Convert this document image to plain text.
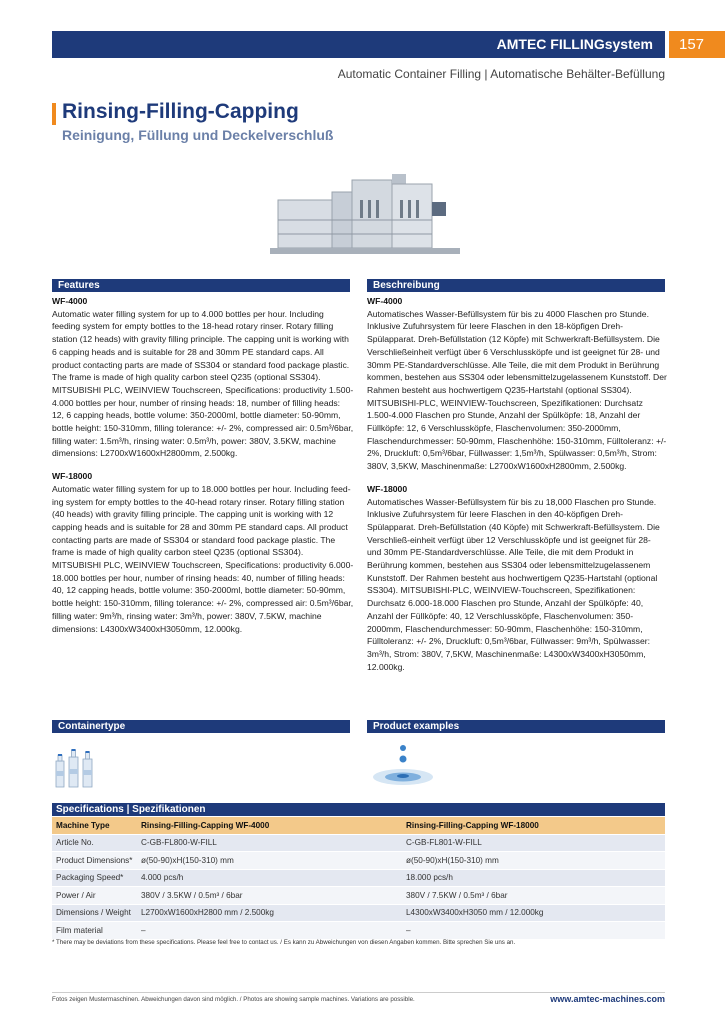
AMTEC FILLINGsystem	157
Automatic Container Filling | Automatische Behälter-Befüllung
Rinsing-Filling-Capping
Reinigung, Füllung und Deckelverschluß
Features	Beschreibung

WF-4000

Automatic water filling system for up to 4.000 bottles per hour. Including feeding system for empty bottles to the 18-head rotary rinser. Rotary filling station (12 heads) with gravity filling principle. The capping unit is working with 6 capping heads and is suitable for 28 and 30mm PE standard caps. All product contacting parts are made of SS304 or standard food package plastic. The frame is made of high quality carbon steel Q235 (optional SS304). MITSUBISHI PLC, WEINVIEW Touchscreen, Specifications: productivity 1.500-4.000 bottles per hour, number of rinsing heads: 18, number of filling heads: 12, 6 capping heads, bottle volume: 350-2000ml, bottle diameter: 50-90mm, bottle height: 150-310mm, filling tolerance: +/- 2%, compressed air: 0.5m³/6bar, filling water: 1.5m³/h, rinsing water: 0.5m³/h, power: 380V, 3.5KW, machine dimensions: L2700xW1600xH2800mm, 2.500kg.

WF-18000

Automatic water filling system for up to 18.000 bottles per hour. Including feed-ing system for empty bottles to the 40-head rotary rinser. Rotary filling station (40 heads) with gravity filling principle. The capping unit is working with 12 capping heads and is suitable for 28 and 30mm PE standard caps. All product contacting parts are made of SS304 or standard food package plastic. The frame is made of high quality carbon steel Q235 (optional SS304). MITSUBISHI PLC, WEINVIEW Touchscreen, Specifications: productivity 6.000-18.000 bottles per hour, number of rinsing heads: 40, number of filling heads: 40, 12 capping heads, bottle volume: 350-2000ml, bottle diameter: 50-90mm, bottle height: 150-310mm, filling tolerance: +/- 2%, compressed air: 0.5m³/6bar, filling water: 9m³/h, rinsing water: 3m³/h, power: 380V, 7.5KW, machine dimensions: L4300xW3400xH3050mm, 12.000kg.

WF-4000

Automatisches Wasser-Befüllsystem für bis zu 4000 Flaschen pro Stunde. Inklusive Zufuhrsystem für leere Flaschen in den 18-köpfigen Dreh-Spülapparat. Dreh-Befüllstation (12 Köpfe) mit Schwerkraft-Befüllsystem. Die Verschließeinheit verfügt über 6 Verschlussköpfe und ist geeignet für 28- und 30mm PE-Standardverschlüsse. Alle Teile, die mit dem Produkt in Berührung kommen, bestehen aus SS304 oder lebensmittelzugelassenem Kunststoff. Der Rahmen besteht aus hochwertigem Q235-Hartstahl (optional SS304). MITSUBISHI-PLC, WEINVIEW-Touchscreen, Spezifikationen: Durchsatz 1.500-4.000 Flaschen pro Stunde, Anzahl der Spülköpfe: 18, Anzahl der Füllköpfe: 12, 6 Verschlussköpfe, Flaschenvolumen: 350-2000mm, Flaschendurchmesser: 50-90mm, Flaschenhöhe: 150-310mm, Fülltoleranz: +/- 2%, Druckluft: 0,5m³/6bar, Füllwasser: 1,5m³/h, Spülwasser: 0,5m³/h, Strom: 380V, 3,5KW, Maschinenmaße: L2700xW1600xH2800mm, 2.500kg.

WF-18000

Automatisches Wasser-Befüllsystem für bis zu 18,000 Flaschen pro Stunde. Inklusive Zufuhrsystem für leere Flaschen in den 40-köpfigen Dreh-Spülapparat. Dreh-Befüllstation (40 Köpfe) mit Schwerkraft-Befüllsystem. Die Verschließ-einheit verfügt über 12 Verschlussköpfe und ist geeignet für 28- und 30mm PE-Standardverschlüsse. Alle Teile, die mit dem Produkt in Berührung kommen, bestehen aus SS304 oder lebensmittelzugelassenem Kunststoff. Der Rahmen besteht aus hochwertigem Q235-Hartstahl (optional SS304). MITSUBISHI-PLC, WEINVIEW-Touchscreen, Spezifikationen: Durchsatz 6.000-18.000 Flaschen pro Stunde, Anzahl der Spülköpfe: 40, Anzahl der Füllköpfe: 40, 12 Verschlussköpfe, Flaschenvolumen: 350-2000mm, Flaschendurchmesser: 50-90mm, Flaschenhöhe: 150-310mm, Fülltoleranz: +/- 2%, Druckluft: 0,5m³/6bar, Füllwasser: 9m³/h, Spülwasser: 3m³/h, Strom: 380V, 7,5KW, Maschinenmaße: L4300xW3400xH3050mm, 12.000kg.

Containertype	Product examples
Specifications | Spezifikationen		
Machine Type	Rinsing-Filling-Capping WF-4000	Rinsing-Filling-Capping WF-18000
Article No.	C-GB-FL800-W-FILL	C-GB-FL801-W-FILL
Product Dimensions*	ø(50-90)xH(150-310) mm	ø(50-90)xH(150-310) mm
Packaging Speed*	4.000 pcs/h	18.000 pcs/h
Power / Air	380V / 3.5KW / 0.5m³ / 6bar	380V / 7.5KW / 0.5m³ / 6bar
Dimensions / Weight	L2700xW1600xH2800 mm / 2.500kg	L4300xW3400xH3050 mm / 12.000kg
Film material	–	–
* There may be deviations from these specifications. Please feel free to contact us. / Es kann zu Abweichungen von diesen Angaben kommen. Bitte sprechen Sie uns an.
Fotos zeigen Mustermaschinen. Abweichungen davon sind möglich. / Photos are showing sample machines. Variations are possible.	www.amtec-machines.com
